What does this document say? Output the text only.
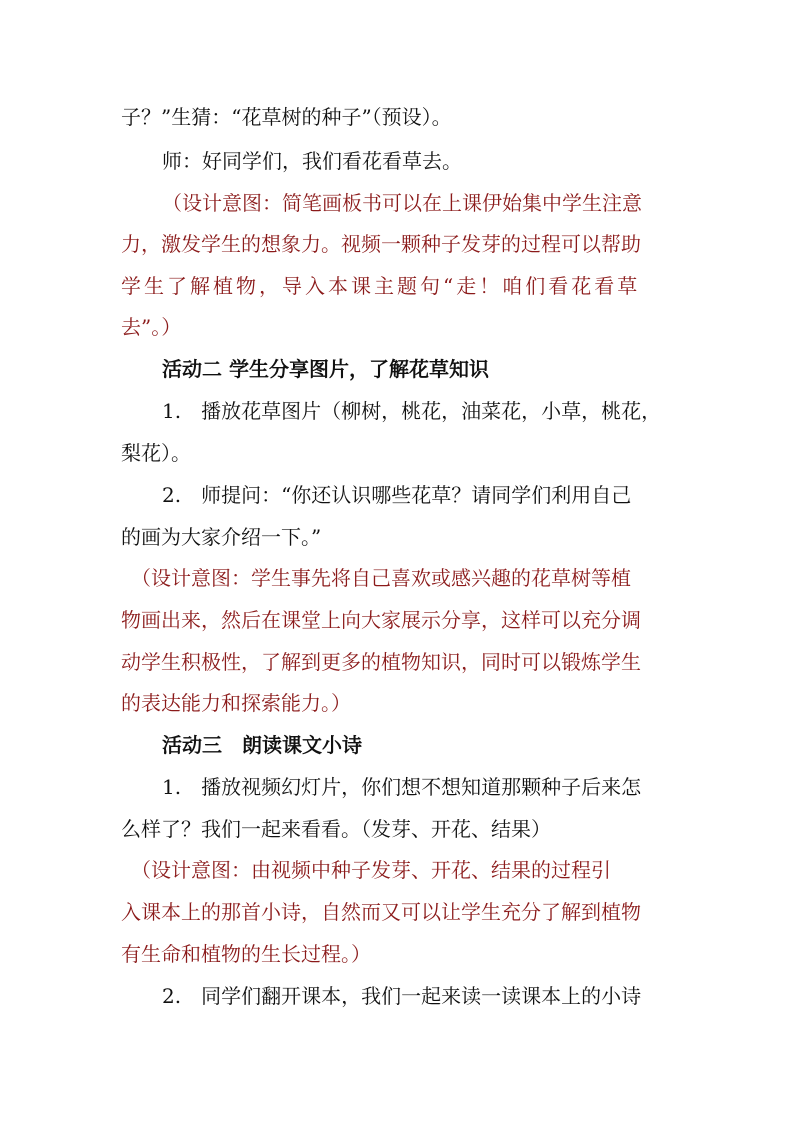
子？”生猜：“花草树的种子”（预设）。
师：好同学们，我们看花看草去。
（设计意图：简笔画板书可以在上课伊始集中学生注意
力，激发学生的想象力。视频一颗种子发芽的过程可以帮助
学生了解植物，导入本课主题句“走！咱们看花看草
去”。）
活动二 学生分享图片，了解花草知识
1.　播放花草图片（柳树，桃花，油菜花，小草，桃花，
梨花）。
2.　师提问：“你还认识哪些花草？请同学们利用自己
的画为大家介绍一下。”
（设计意图：学生事先将自己喜欢或感兴趣的花草树等植
物画出来，然后在课堂上向大家展示分享，这样可以充分调
动学生积极性，了解到更多的植物知识，同时可以锻炼学生
的表达能力和探索能力。）
活动三　朗读课文小诗
1.　播放视频幻灯片，你们想不想知道那颗种子后来怎
么样了？我们一起来看看。（发芽、开花、结果）
（设计意图：由视频中种子发芽、开花、结果的过程引
入课本上的那首小诗，自然而又可以让学生充分了解到植物
有生命和植物的生长过程。）
2.　同学们翻开课本，我们一起来读一读课本上的小诗
